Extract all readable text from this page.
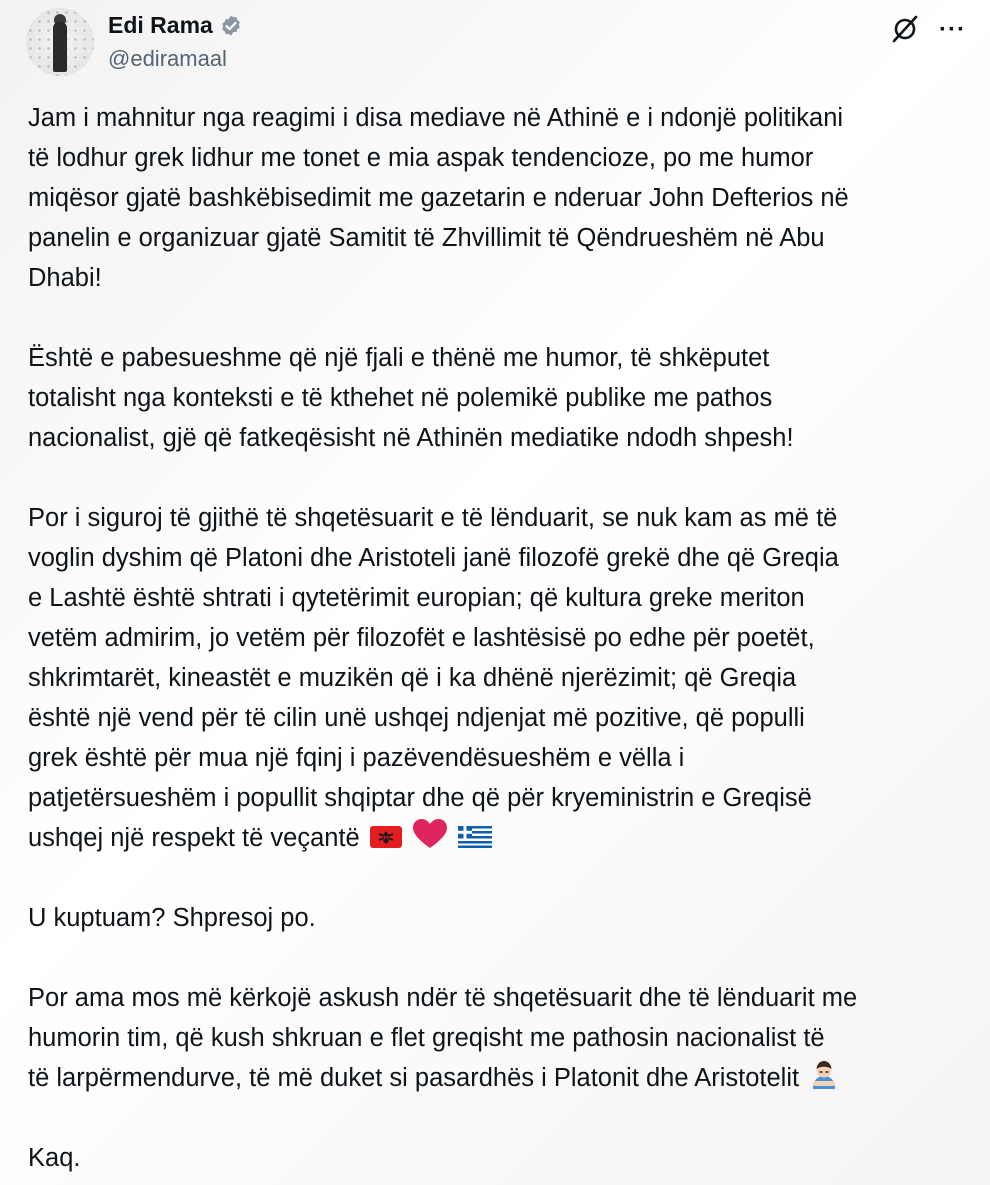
Edi Rama
@ediramaal
···
Jam i mahnitur nga reagimi i disa mediave në Athinë e i ndonjë politikani
të lodhur grek lidhur me tonet e mia aspak tendencioze, po me humor
miqësor gjatë bashkëbisedimit me gazetarin e nderuar John Defterios në
panelin e organizuar gjatë Samitit të Zhvillimit të Qëndrueshëm në Abu
Dhabi!
Është e pabesueshme që një fjali e thënë me humor, të shkëputet
totalisht nga konteksti e të kthehet në polemikë publike me pathos
nacionalist, gjë që fatkeqësisht në Athinën mediatike ndodh shpesh!
Por i siguroj të gjithë të shqetësuarit e të lënduarit, se nuk kam as më të
voglin dyshim që Platoni dhe Aristoteli janë filozofë grekë dhe që Greqia
e Lashtë është shtrati i qytetërimit europian; që kultura greke meriton
vetëm admirim, jo vetëm për filozofët e lashtësisë po edhe për poetët,
shkrimtarët, kineastët e muzikën që i ka dhënë njerëzimit; që Greqia
është një vend për të cilin unë ushqej ndjenjat më pozitive, që populli
grek është për mua një fqinj i pazëvendësueshëm e vëlla i
patjetërsueshëm i popullit shqiptar dhe që për kryeministrin e Greqisë
ushqej një respekt të veçantë
U kuptuam? Shpresoj po.
Por ama mos më kërkojë askush ndër të shqetësuarit dhe të lënduarit me
humorin tim, që kush shkruan e flet greqisht me pathosin nacionalist të
të larpërmendurve, të më duket si pasardhës i Platonit dhe Aristotelit
Kaq.
